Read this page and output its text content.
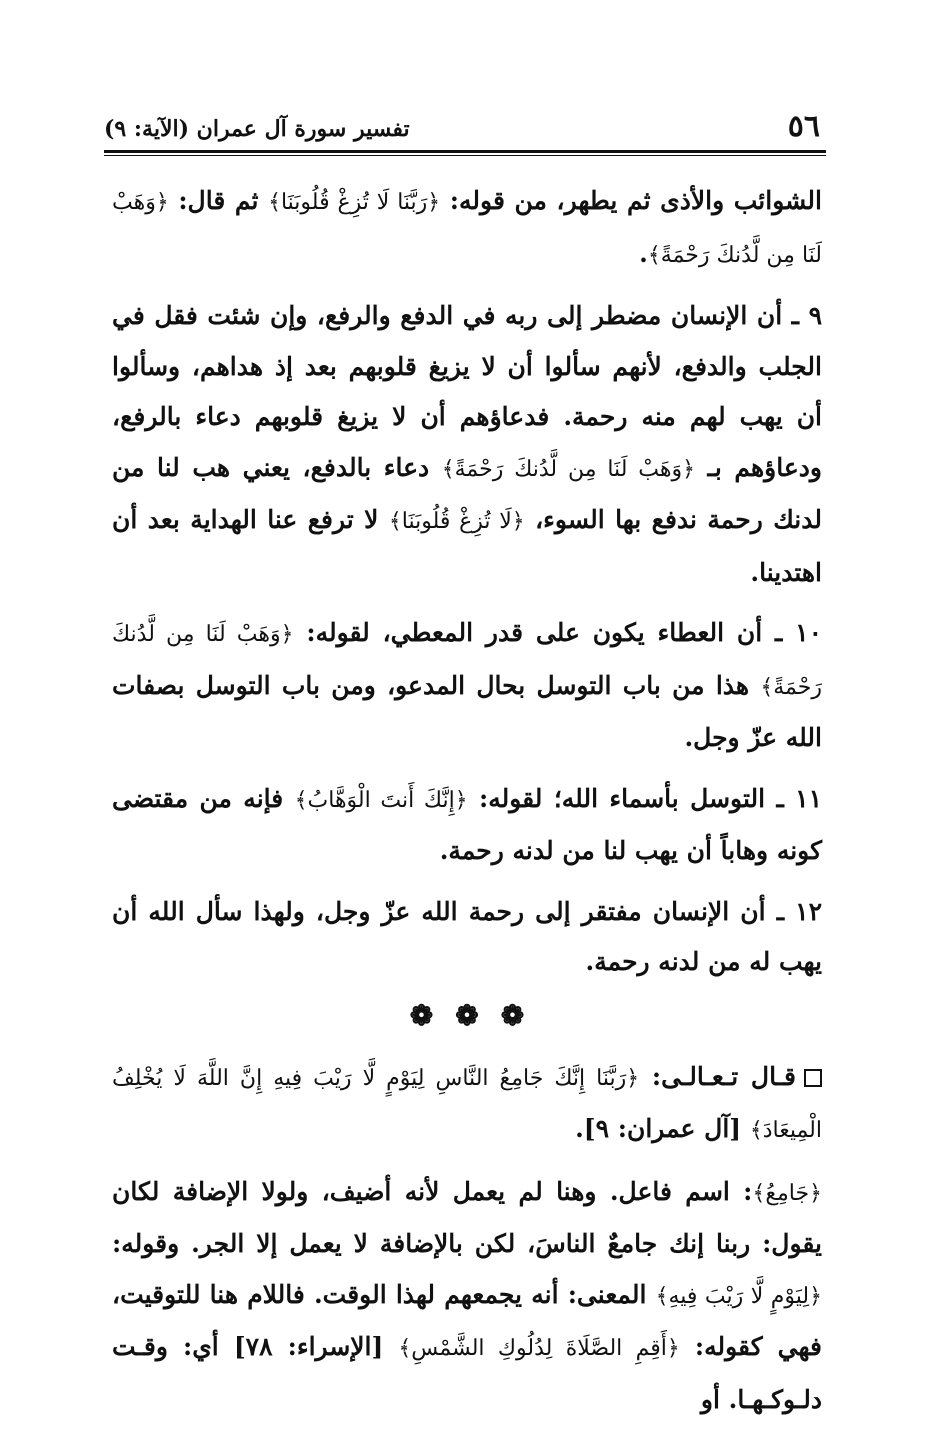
٥٦
تفسير سورة آل عمران (الآية: ٩)

الشوائب والأذى ثم يطهر، من قوله: ﴿رَبَّنَا لَا تُزِغْ قُلُوبَنَا﴾ ثم قال: ﴿وَهَبْ لَنَا مِن لَّدُنكَ رَحْمَةً﴾.

٩ ـ أن الإنسان مضطر إلى ربه في الدفع والرفع، وإن شئت فقل في الجلب والدفع، لأنهم سألوا أن لا يزيغ قلوبهم بعد إذ هداهم، وسألوا أن يهب لهم منه رحمة. فدعاؤهم أن لا يزيغ قلوبهم دعاء بالرفع، ودعاؤهم بـ ﴿وَهَبْ لَنَا مِن لَّدُنكَ رَحْمَةً﴾ دعاء بالدفع، يعني هب لنا من لدنك رحمة ندفع بها السوء، ﴿لَا تُزِغْ قُلُوبَنَا﴾ لا ترفع عنا الهداية بعد أن اهتدينا.

١٠ ـ أن العطاء يكون على قدر المعطي، لقوله: ﴿وَهَبْ لَنَا مِن لَّدُنكَ رَحْمَةً﴾ هذا من باب التوسل بحال المدعو، ومن باب التوسل بصفات الله عزّ وجل.

١١ ـ التوسل بأسماء الله؛ لقوله: ﴿إِنَّكَ أَنتَ الْوَهَّابُ﴾ فإنه من مقتضى كونه وهاباً أن يهب لنا من لدنه رحمة.

١٢ ـ أن الإنسان مفتقر إلى رحمة الله عزّ وجل، ولهذا سأل الله أن يهب له من لدنه رحمة.

❁❁❁

قـال تـعـالـى: ﴿رَبَّنَا إِنَّكَ جَامِعُ النَّاسِ لِيَوْمٍ لَّا رَيْبَ فِيهِ إِنَّ اللَّهَ لَا يُخْلِفُ الْمِيعَادَ﴾ [آل عمران: ٩].

﴿جَامِعُ﴾: اسم فاعل. وهنا لم يعمل لأنه أضيف، ولولا الإضافة لكان يقول: ربنا إنك جامعٌ الناسَ، لكن بالإضافة لا يعمل إلا الجر. وقوله: ﴿لِيَوْمٍ لَّا رَيْبَ فِيهِ﴾ المعنى: أنه يجمعهم لهذا الوقت. فاللام هنا للتوقيت، فهي كقوله: ﴿أَقِمِ الصَّلَاةَ لِدُلُوكِ الشَّمْسِ﴾ [الإسراء: ٧٨] أي: وقـت دلـوكـهـا. أو
